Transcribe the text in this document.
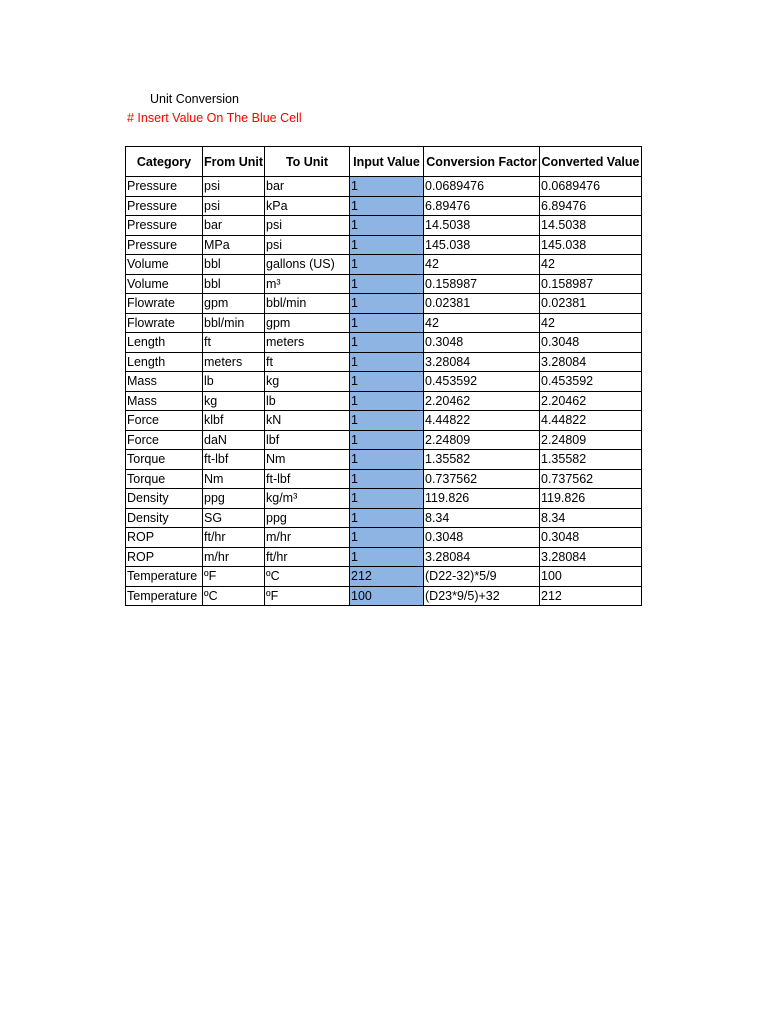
Unit Conversion
# Insert Value On The Blue Cell
Category	From Unit	To Unit	Input Value	Conversion Factor	Converted Value
Pressure	psi	bar	1	0.0689476	0.0689476
Pressure	psi	kPa	1	6.89476	6.89476
Pressure	bar	psi	1	14.5038	14.5038
Pressure	MPa	psi	1	145.038	145.038
Volume	bbl	gallons (US)	1	42	42
Volume	bbl	m³	1	0.158987	0.158987
Flowrate	gpm	bbl/min	1	0.02381	0.02381
Flowrate	bbl/min	gpm	1	42	42
Length	ft	meters	1	0.3048	0.3048
Length	meters	ft	1	3.28084	3.28084
Mass	lb	kg	1	0.453592	0.453592
Mass	kg	lb	1	2.20462	2.20462
Force	klbf	kN	1	4.44822	4.44822
Force	daN	lbf	1	2.24809	2.24809
Torque	ft-lbf	Nm	1	1.35582	1.35582
Torque	Nm	ft-lbf	1	0.737562	0.737562
Density	ppg	kg/m³	1	119.826	119.826
Density	SG	ppg	1	8.34	8.34
ROP	ft/hr	m/hr	1	0.3048	0.3048
ROP	m/hr	ft/hr	1	3.28084	3.28084
Temperature	ºF	ºC	212	(D22-32)*5/9	100
Temperature	ºC	ºF	100	(D23*9/5)+32	212
